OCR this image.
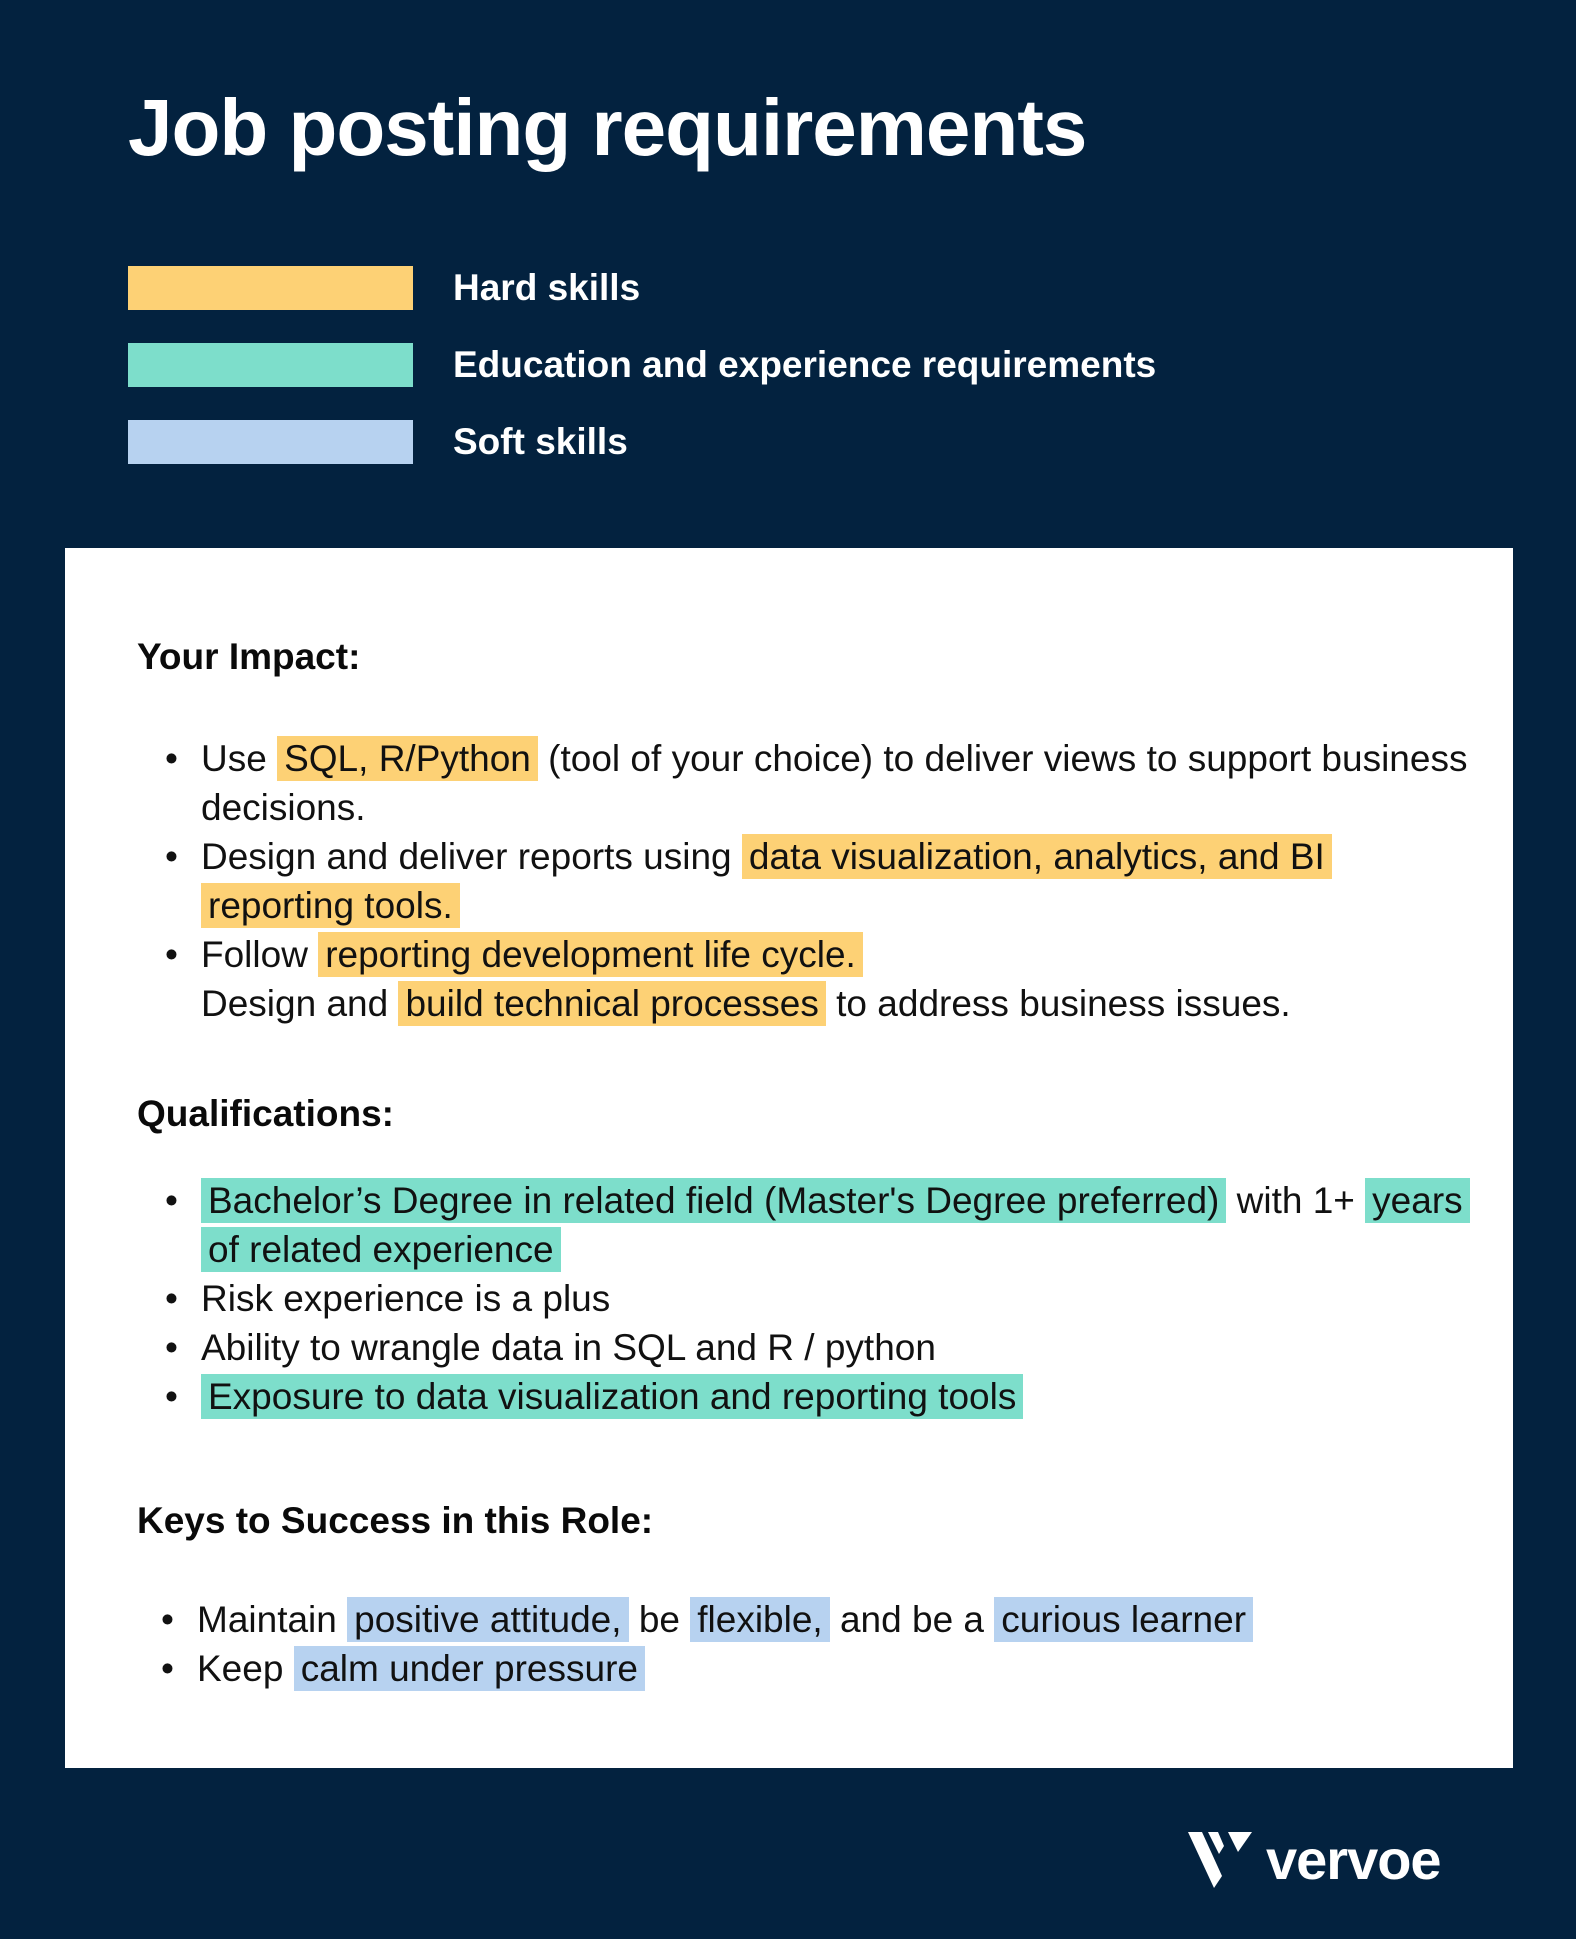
Job posting requirements
Hard skills
Education and experience requirements
Soft skills
Your Impact:
• Use SQL, R/Python (tool of your choice) to deliver views to support business decisions.
• Design and deliver reports using data visualization, analytics, and BI reporting tools.
• Follow reporting development life cycle.
Design and build technical processes to address business issues.
Qualifications:
• Bachelor’s Degree in related field (Master's Degree preferred) with 1+ years of related experience
• Risk experience is a plus
• Ability to wrangle data in SQL and R / python
• Exposure to data visualization and reporting tools
Keys to Success in this Role:
• Maintain positive attitude, be flexible, and be a curious learner
• Keep calm under pressure
vervoe
